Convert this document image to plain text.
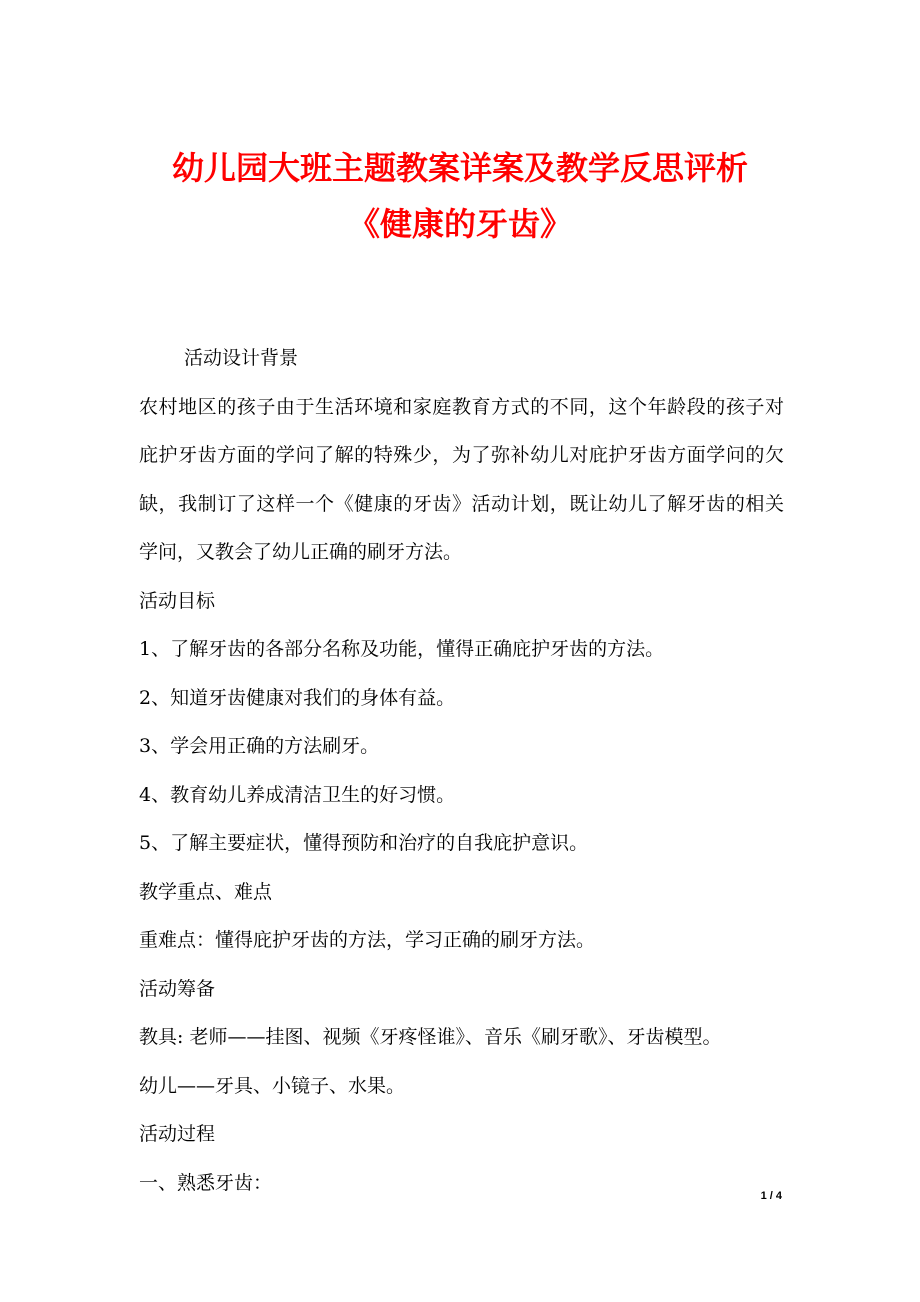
幼儿园大班主题教案详案及教学反思评析
《健康的牙齿》
活动设计背景
农村地区的孩子由于生活环境和家庭教育方式的不同，这个年龄段的孩子对庇护牙齿方面的学问了解的特殊少，为了弥补幼儿对庇护牙齿方面学问的欠缺，我制订了这样一个《健康的牙齿》活动计划，既让幼儿了解牙齿的相关学问，又教会了幼儿正确的刷牙方法。
活动目标
1、了解牙齿的各部分名称及功能，懂得正确庇护牙齿的方法。
2、知道牙齿健康对我们的身体有益。
3、学会用正确的方法刷牙。
4、教育幼儿养成清洁卫生的好习惯。
5、了解主要症状，懂得预防和治疗的自我庇护意识。
教学重点、难点
重难点：懂得庇护牙齿的方法，学习正确的刷牙方法。
活动筹备
教具: 老师——挂图、视频《牙疼怪谁》、音乐《刷牙歌》、牙齿模型。
幼儿——牙具、小镜子、水果。
活动过程
一、熟悉牙齿：
1 / 4
